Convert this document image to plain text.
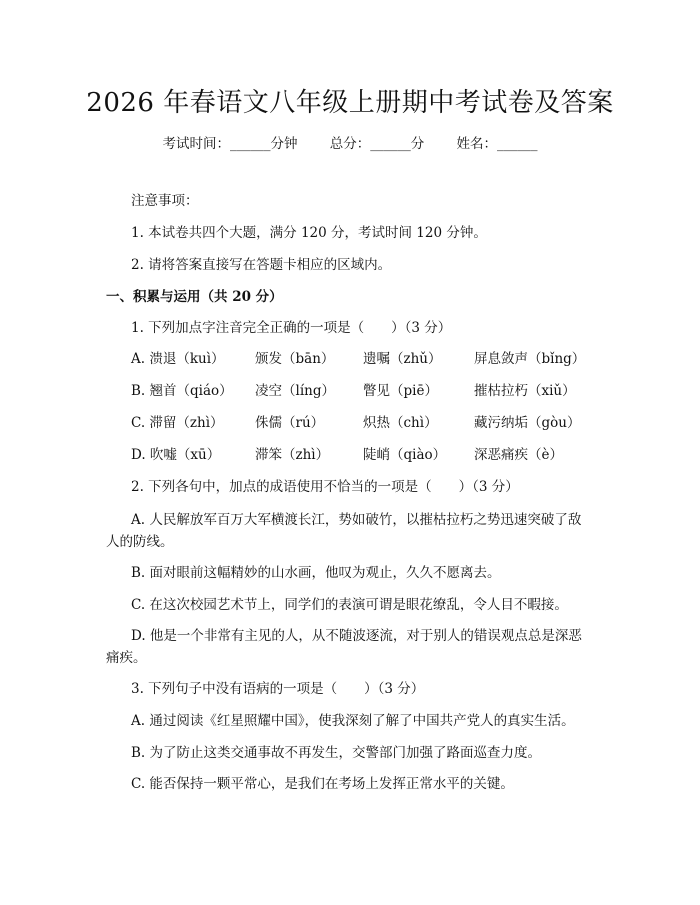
2026 年春语文八年级上册期中考试卷及答案
考试时间：______分钟 总分：______分 姓名：______
注意事项：
1. 本试卷共四个大题，满分 120 分，考试时间 120 分钟。
2. 请将答案直接写在答题卡相应的区域内。
一、积累与运用（共 20 分）
1. 下列加点字注音完全正确的一项是（　　）（3 分）
A. 溃退（kuì） 颁发（bān） 遗嘱（zhǔ） 屏息敛声（bǐng）
B. 翘首（qiáo） 凌空（líng） 瞥见（piē）	摧枯拉朽（xiǔ）
C. 滞留（zhì） 侏儒（rú）	炽热（chì）	藏污纳垢（gòu）
D. 吹嘘（xū）	滞笨（zhì）	陡峭（qiào） 深恶痛疾（è）
2. 下列各句中，加点的成语使用不恰当的一项是（　　）（3 分）
A. 人民解放军百万大军横渡长江，势如破竹，以摧枯拉朽之势迅速突破了敌人的防线。
B. 面对眼前这幅精妙的山水画，他叹为观止，久久不愿离去。
C. 在这次校园艺术节上，同学们的表演可谓是眼花缭乱，令人目不暇接。
D. 他是一个非常有主见的人，从不随波逐流，对于别人的错误观点总是深恶痛疾。
3. 下列句子中没有语病的一项是（　　）（3 分）
A. 通过阅读《红星照耀中国》，使我深刻了解了中国共产党人的真实生活。
B. 为了防止这类交通事故不再发生，交警部门加强了路面巡查力度。
C. 能否保持一颗平常心，是我们在考场上发挥正常水平的关键。
